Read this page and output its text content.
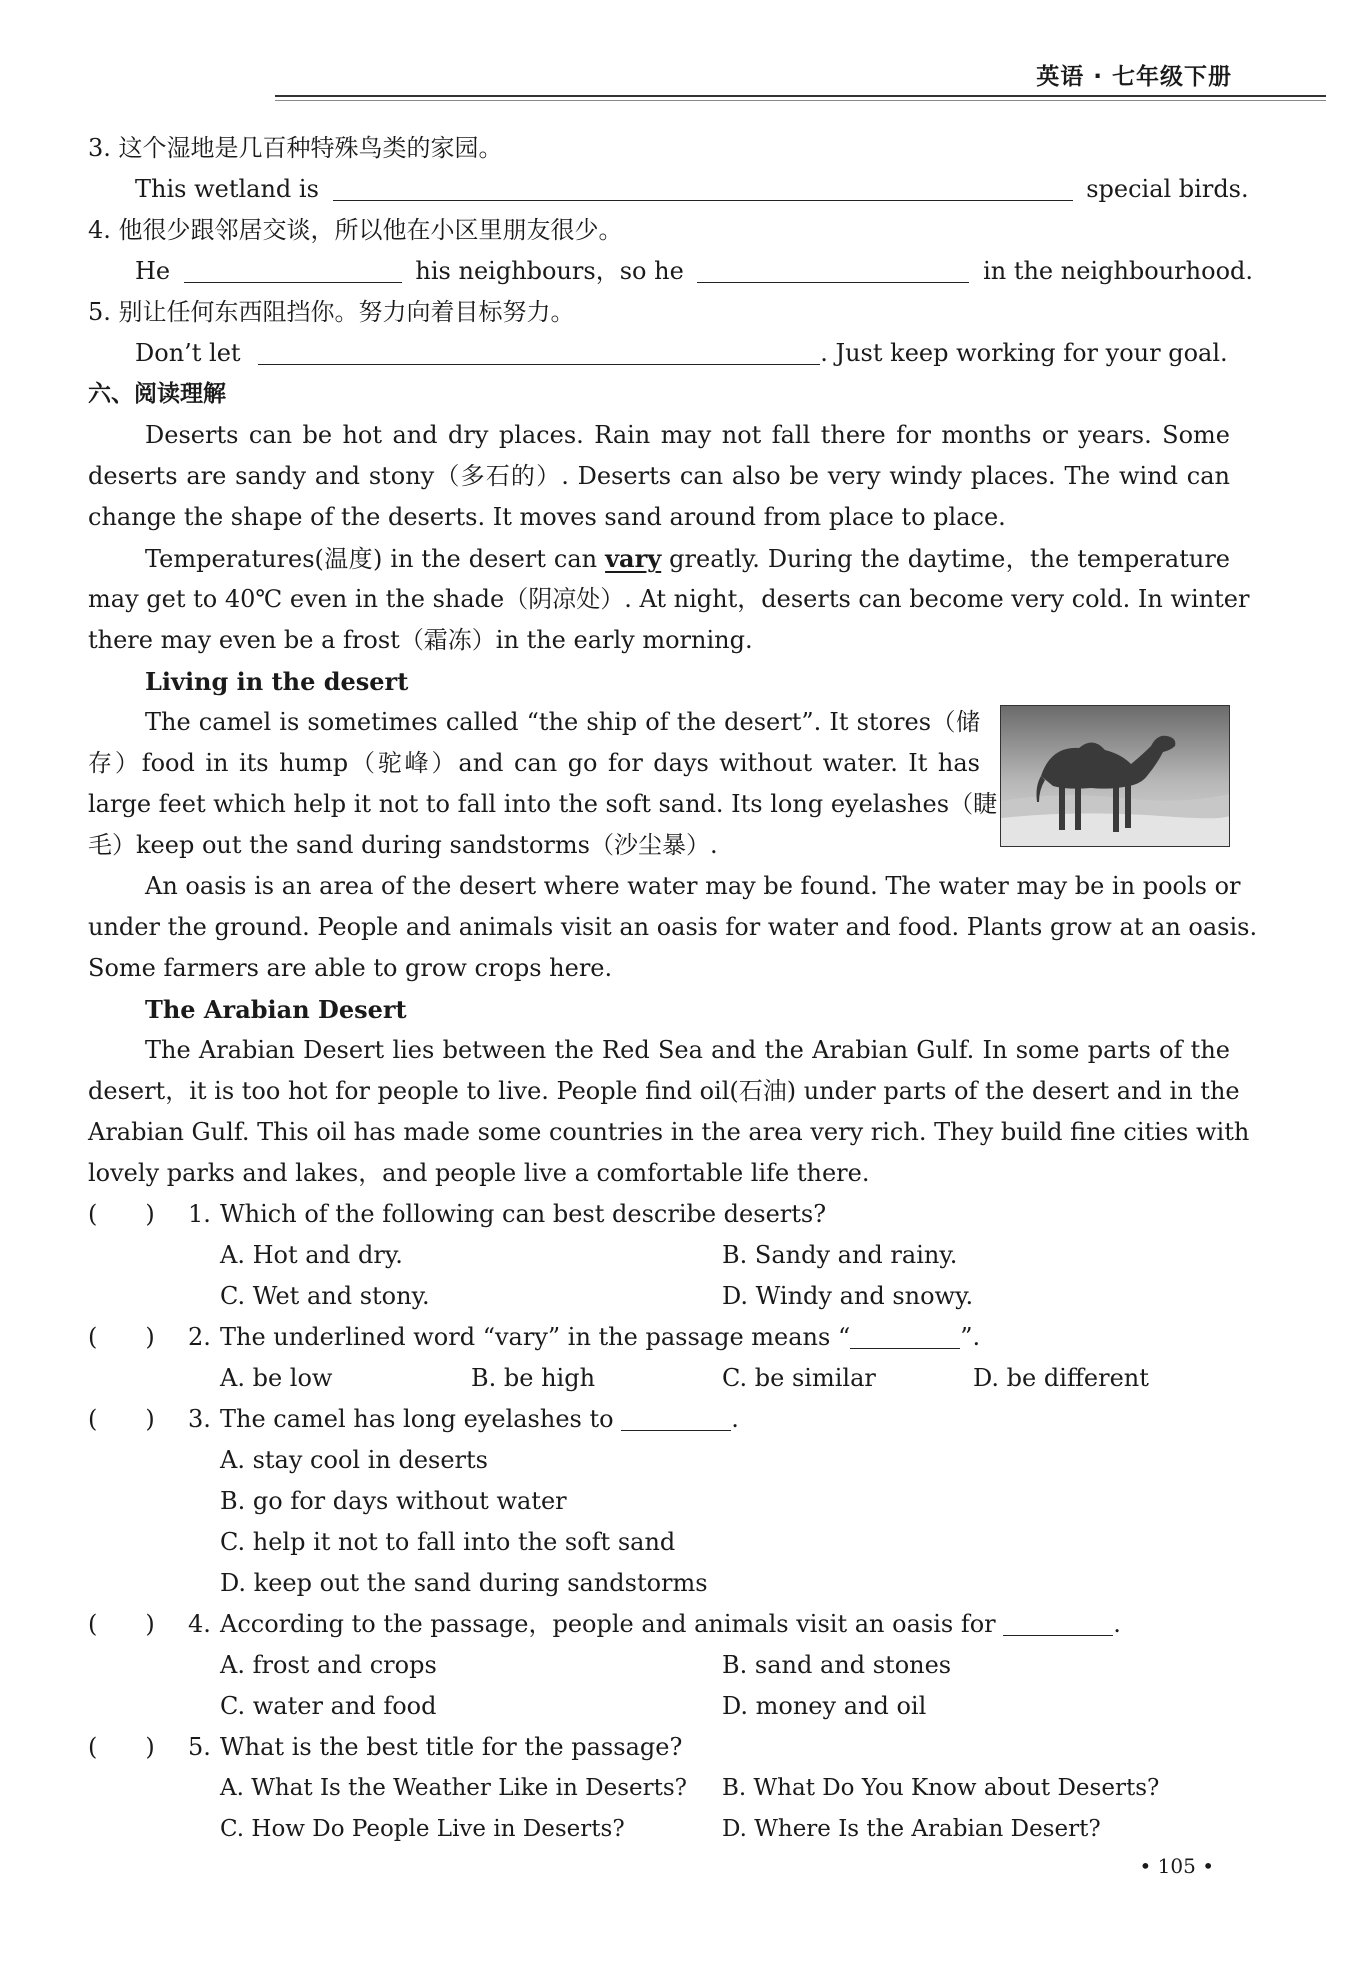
英语 · 七年级下册
3. 这个湿地是几百种特殊鸟类的家园。
This wetland is	special birds.
4. 他很少跟邻居交谈，所以他在小区里朋友很少。
He	his neighbours，so he	in the neighbourhood.
5. 别让任何东西阻挡你。努力向着目标努力。
Don’t let	. Just keep working for your goal.
六、阅读理解
Deserts can be hot and dry places. Rain may not fall there for months or years. Some
deserts are sandy and stony（多石的）. Deserts can also be very windy places. The wind can
change the shape of the deserts. It moves sand around from place to place.
Temperatures(温度) in the desert can vary greatly. During the daytime，the temperature
may get to 40℃ even in the shade（阴凉处）. At night，deserts can become very cold. In winter
there may even be a frost（霜冻）in the early morning.
Living in the desert
The camel is sometimes called “the ship of the desert”. It stores（储
存）food in its hump（驼峰）and can go for days without water. It has
large feet which help it not to fall into the soft sand. Its long eyelashes（睫
毛）keep out the sand during sandstorms（沙尘暴）.
An oasis is an area of the desert where water may be found. The water may be in pools or
under the ground. People and animals visit an oasis for water and food. Plants grow at an oasis.
Some farmers are able to grow crops here.
The Arabian Desert
The Arabian Desert lies between the Red Sea and the Arabian Gulf. In some parts of the
desert，it is too hot for people to live. People find oil(石油) under parts of the desert and in the
Arabian Gulf. This oil has made some countries in the area very rich. They build fine cities with
lovely parks and lakes，and people live a comfortable life there.
(　　)	1. Which of the following can best describe deserts?
A. Hot and dry.	B. Sandy and rainy.
C. Wet and stony.	D. Windy and snowy.
(　　)	2. The underlined word “vary” in the passage means “	”.
A. be low	B. be high	C. be similar	D. be different
(　　)	3. The camel has long eyelashes to	.
A. stay cool in deserts
B. go for days without water
C. help it not to fall into the soft sand
D. keep out the sand during sandstorms
(　　)	4. According to the passage，people and animals visit an oasis for	.
A. frost and crops	B. sand and stones
C. water and food	D. money and oil
(　　)	5. What is the best title for the passage?
A. What Is the Weather Like in Deserts?	B. What Do You Know about Deserts?
C. How Do People Live in Deserts?	D. Where Is the Arabian Desert?
• 105 •
